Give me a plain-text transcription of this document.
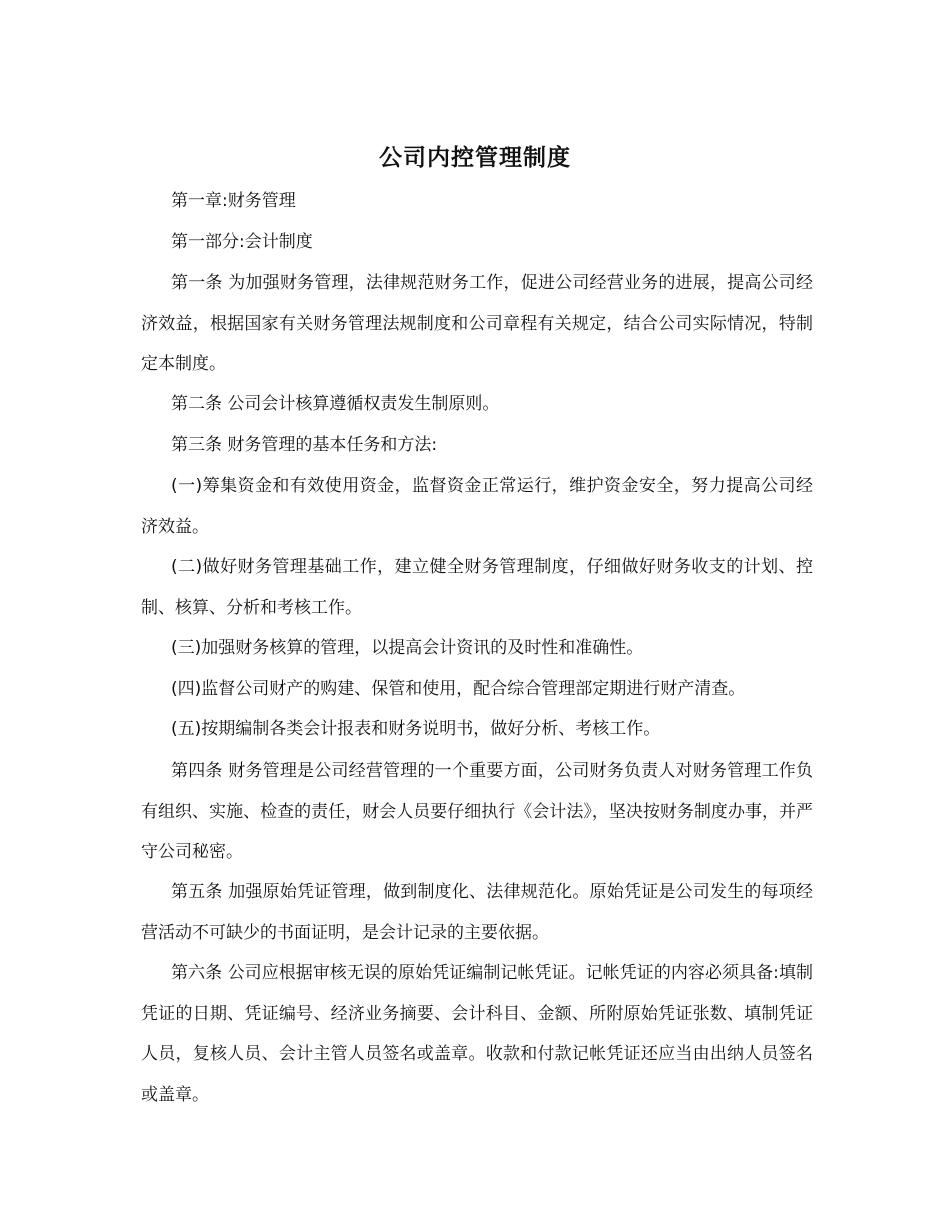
公司内控管理制度

第一章:财务管理

第一部分:会计制度

第一条 为加强财务管理，法律规范财务工作，促进公司经营业务的进展，提高公司经济效益，根据国家有关财务管理法规制度和公司章程有关规定，结合公司实际情况，特制定本制度。

第二条 公司会计核算遵循权责发生制原则。

第三条 财务管理的基本任务和方法:

(一)筹集资金和有效使用资金，监督资金正常运行，维护资金安全，努力提高公司经济效益。

(二)做好财务管理基础工作，建立健全财务管理制度，仔细做好财务收支的计划、控制、核算、分析和考核工作。

(三)加强财务核算的管理，以提高会计资讯的及时性和准确性。

(四)监督公司财产的购建、保管和使用，配合综合管理部定期进行财产清查。

(五)按期编制各类会计报表和财务说明书，做好分析、考核工作。

第四条 财务管理是公司经营管理的一个重要方面，公司财务负责人对财务管理工作负有组织、实施、检查的责任，财会人员要仔细执行《会计法》，坚决按财务制度办事，并严守公司秘密。

第五条 加强原始凭证管理，做到制度化、法律规范化。原始凭证是公司发生的每项经营活动不可缺少的书面证明，是会计记录的主要依据。

第六条 公司应根据审核无误的原始凭证编制记帐凭证。记帐凭证的内容必须具备:填制凭证的日期、凭证编号、经济业务摘要、会计科目、金额、所附原始凭证张数、填制凭证人员，复核人员、会计主管人员签名或盖章。收款和付款记帐凭证还应当由出纳人员签名或盖章。
